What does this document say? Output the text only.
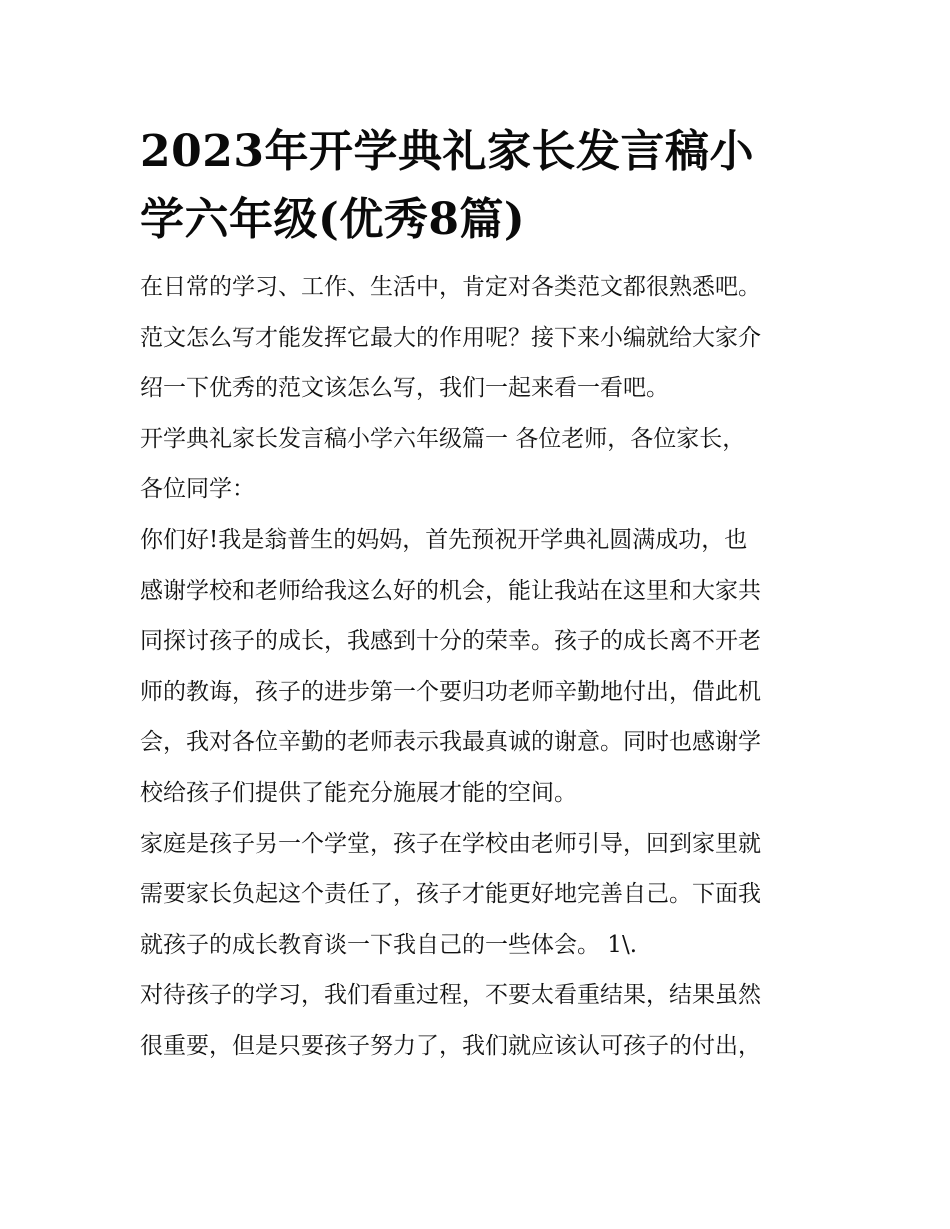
2023年开学典礼家长发言稿小
学六年级(优秀8篇)
在日常的学习、工作、生活中，肯定对各类范文都很熟悉吧。
范文怎么写才能发挥它最大的作用呢？接下来小编就给大家介
绍一下优秀的范文该怎么写，我们一起来看一看吧。
开学典礼家长发言稿小学六年级篇一 各位老师，各位家长，
各位同学：
你们好!我是翁普生的妈妈，首先预祝开学典礼圆满成功，也
感谢学校和老师给我这么好的机会，能让我站在这里和大家共
同探讨孩子的成长，我感到十分的荣幸。孩子的成长离不开老
师的教诲，孩子的进步第一个要归功老师辛勤地付出，借此机
会，我对各位辛勤的老师表示我最真诚的谢意。同时也感谢学
校给孩子们提供了能充分施展才能的空间。
家庭是孩子另一个学堂，孩子在学校由老师引导，回到家里就
需要家长负起这个责任了，孩子才能更好地完善自己。下面我
就孩子的成长教育谈一下我自己的一些体会。 1\.
对待孩子的学习，我们看重过程，不要太看重结果，结果虽然
很重要，但是只要孩子努力了，我们就应该认可孩子的付出，
